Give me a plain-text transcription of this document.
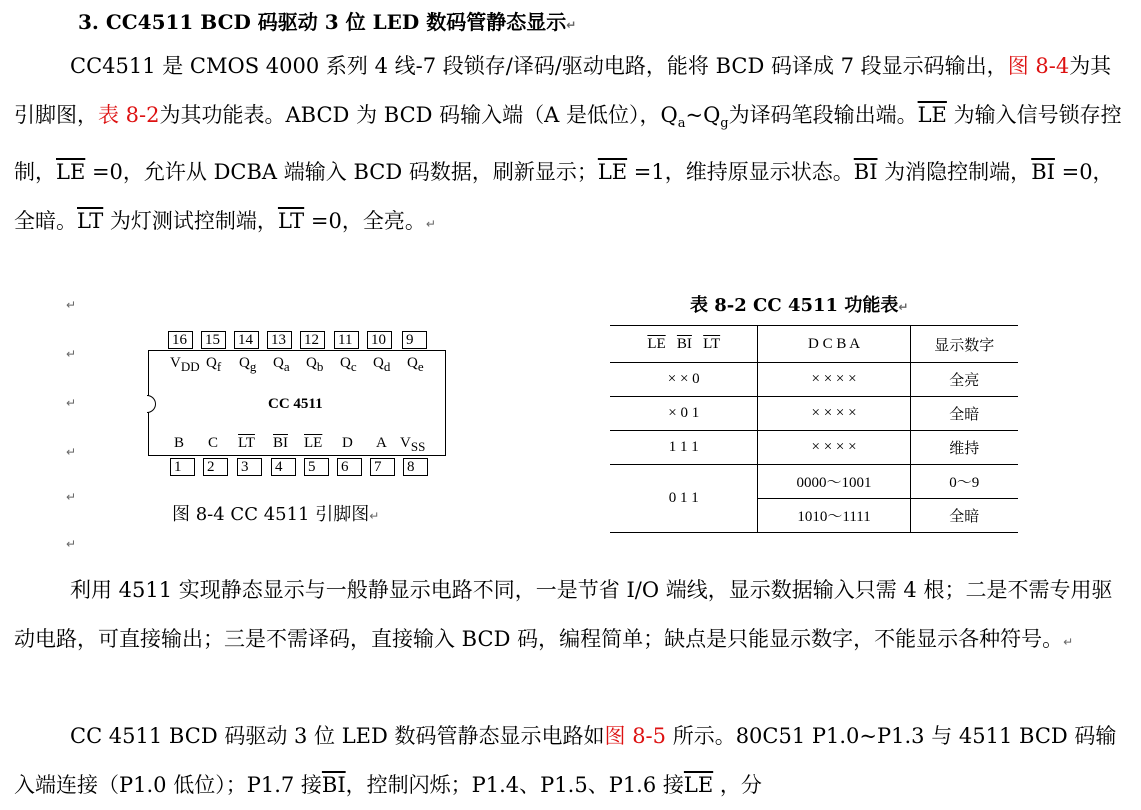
3. CC4511 BCD 码驱动 3 位 LED 数码管静态显示↵

CC4511 是 CMOS 4000 系列 4 线-7 段锁存/译码/驱动电路，能将 BCD 码译成 7 段显示码输出，图 8-4为其引脚图，表 8-2为其功能表。ABCD 为 BCD 码输入端（A 是低位），$Q_a\sim Q_g$为译码笔段输出端。$\overline{LE}$ 为输入信号锁存控制，$\overline{LE} =0$，允许从 DCBA 端输入 BCD 码数据，刷新显示；$\overline{LE} =1$，维持原显示状态。$\overline{BI}$ 为消隐控制端，$\overline{BI} =0$，全暗。$\overline{LT}$ 为灯测试控制端，$\overline{LT} =0$，全亮。↵

↵
↵
↵
↵
↵
↵
16	15	14	13	12	11	10	9
$V_{DD}$ $Q_f$ $Q_g$ $Q_a$ $Q_b$ $Q_c$ $Q_d$ $Q_e$
CC 4511
B C $\overline{LT}$ $\overline{BI}$ $\overline{LE}$ D A $V_{SS}$
1	2	3	4	5	6	7	8
图 8-4 CC 4511 引脚图↵
表 8-2 CC 4511 功能表↵
$\overline{LE}$ $\overline{BI}$ $\overline{LT}$	D C B A	显示数字
× × 0	× × × ×	全亮
× 0 1	× × × ×	全暗
1 1 1	× × × ×	维持
0 1 1	0000～1001	0～9
	1010～1111	全暗

利用 4511 实现静态显示与一般静显示电路不同，一是节省 I/O 端线，显示数据输入只需 4 根；二是不需专用驱动电路，可直接输出；三是不需译码，直接输入 BCD 码，编程简单；缺点是只能显示数字，不能显示各种符号。↵

CC 4511 BCD 码驱动 3 位 LED 数码管静态显示电路如图 8-5 所示。80C51 P1.0~P1.3 与 4511 BCD 码输入端连接（P1.0 低位）；P1.7 接$\overline{BI}$，控制闪烁；P1.4、P1.5、P1.6 接$\overline{LE}$ ，分
